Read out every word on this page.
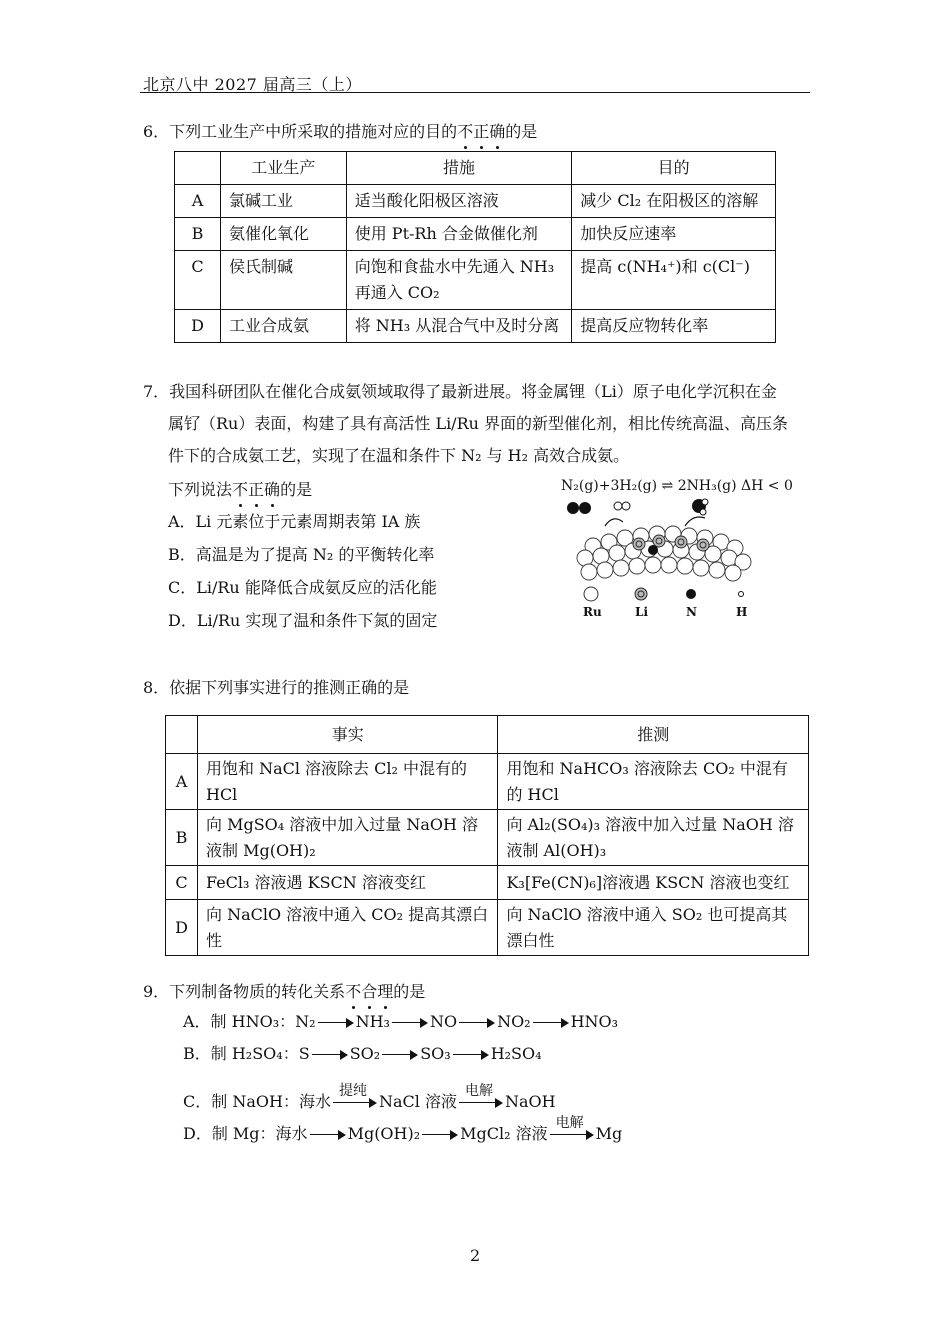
北京八中 2027 届高三（上）
6．下列工业生产中所采取的措施对应的目的不正确的是
	工业生产	措施	目的
A	氯碱工业	适当酸化阳极区溶液	减少 Cl₂ 在阳极区的溶解
B	氨催化氧化	使用 Pt-Rh 合金做催化剂	加快反应速率
C	侯氏制碱	向饱和食盐水中先通入 NH₃ 再通入 CO₂	提高 c(NH₄⁺)和 c(Cl⁻)
D	工业合成氨	将 NH₃ 从混合气中及时分离	提高反应物转化率
7．我国科研团队在催化合成氨领域取得了最新进展。将金属锂（Li）原子电化学沉积在金
属钌（Ru）表面，构建了具有高活性 Li/Ru 界面的新型催化剂，相比传统高温、高压条
件下的合成氨工艺，实现了在温和条件下 N₂ 与 H₂ 高效合成氨。
下列说法不正确的是
A．Li 元素位于元素周期表第 IA 族
B．高温是为了提高 N₂ 的平衡转化率
C．Li/Ru 能降低合成氨反应的活化能
D．Li/Ru 实现了温和条件下氮的固定
N₂(g)+3H₂(g) ⇌ 2NH₃(g) ΔH < 0
Ru	Li	N	H
8．依据下列事实进行的推测正确的是
	事实	推测
A	用饱和 NaCl 溶液除去 Cl₂ 中混有的 HCl	用饱和 NaHCO₃ 溶液除去 CO₂ 中混有的 HCl
B	向 MgSO₄ 溶液中加入过量 NaOH 溶液制 Mg(OH)₂	向 Al₂(SO₄)₃ 溶液中加入过量 NaOH 溶液制 Al(OH)₃
C	FeCl₃ 溶液遇 KSCN 溶液变红	K₃[Fe(CN)₆]溶液遇 KSCN 溶液也变红
D	向 NaClO 溶液中通入 CO₂ 提高其漂白性	向 NaClO 溶液中通入 SO₂ 也可提高其漂白性
9．下列制备物质的转化关系不合理的是
A．制 HNO₃：N₂	NH₃	NO	NO₂	HNO₃
B．制 H₂SO₄：S	SO₂	SO₃	H₂SO₄
C．制 NaOH：海水
提纯
NaCl 溶液
电解
NaOH
D．制 Mg：海水	Mg(OH)₂	MgCl₂ 溶液
电解
Mg
2
